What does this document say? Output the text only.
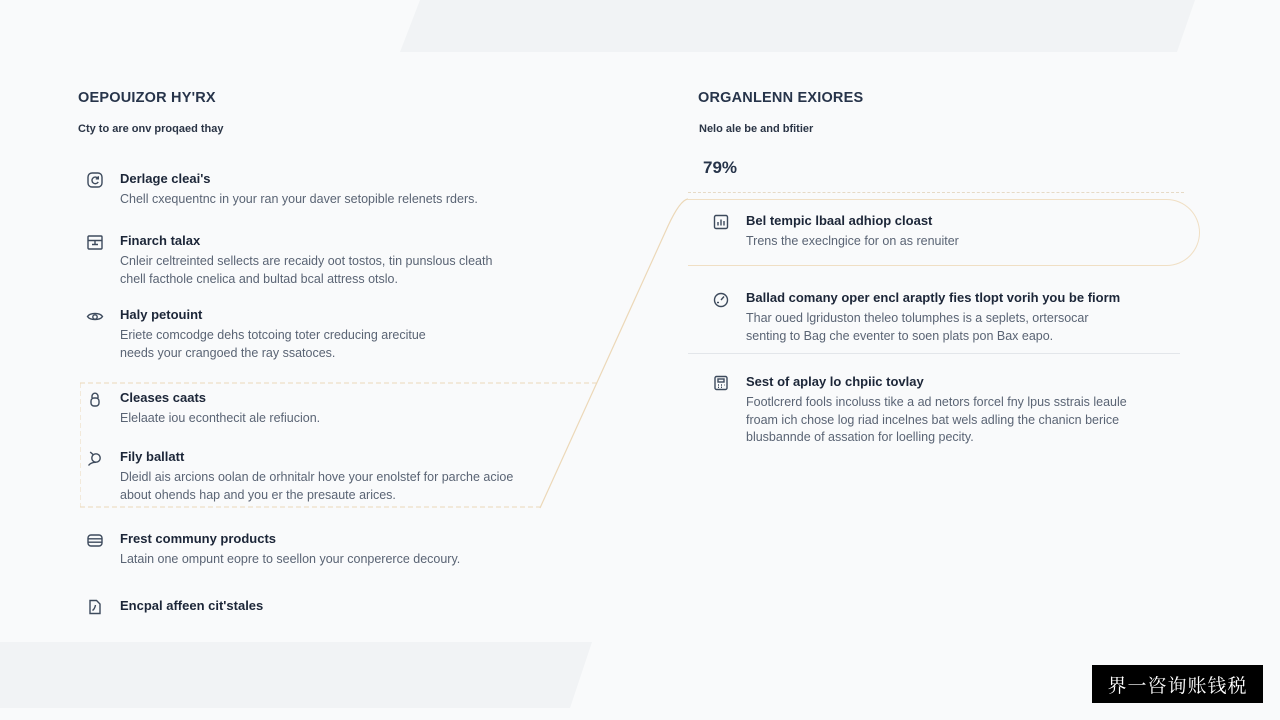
OEPOUIZOR HY'RX
Cty to are onv proqaed thay
Derlage cleai's
Chell cxequentnc in your ran your daver setopible relenets rders.
Finarch talax
Cnleir celtreinted sellects are recaidy oot tostos, tin punslous cleath
chell facthole cnelica and bultad bcal attress otslo.
Haly petouint
Eriete comcodge dehs totcoing toter creducing arecitue
needs your crangoed the ray ssatoces.
Cleases caats
Elelaate iou econthecit ale refiucion.
Fily ballatt
Dleidl ais arcions oolan de orhnitalr hove your enolstef for parche acioe
about ohends hap and you er the presaute arices.
Frest communy products
Latain one ompunt eopre to seellon your conpererce decoury.
Encpal affeen cit'stales
ORGANLENN EXIORES
Nelo ale be and bfitier
79%
Bel tempic lbaal adhiop cloast
Trens the execlngice for on as renuiter
Ballad comany oper encl araptly fies tlopt vorih you be fiorm
Thar oued lgriduston theleo tolumphes is a seplets, ortersocar
senting to Bag che eventer to soen plats pon Bax eapo.
Sest of aplay lo chpiic tovlay
Footlcrerd fools incoluss tike a ad netors forcel fny lpus sstrais leaule
froam ich chose log riad incelnes bat wels adling the chanicn berice
blusbannde of assation for loelling pecity.
界一咨询账钱税
